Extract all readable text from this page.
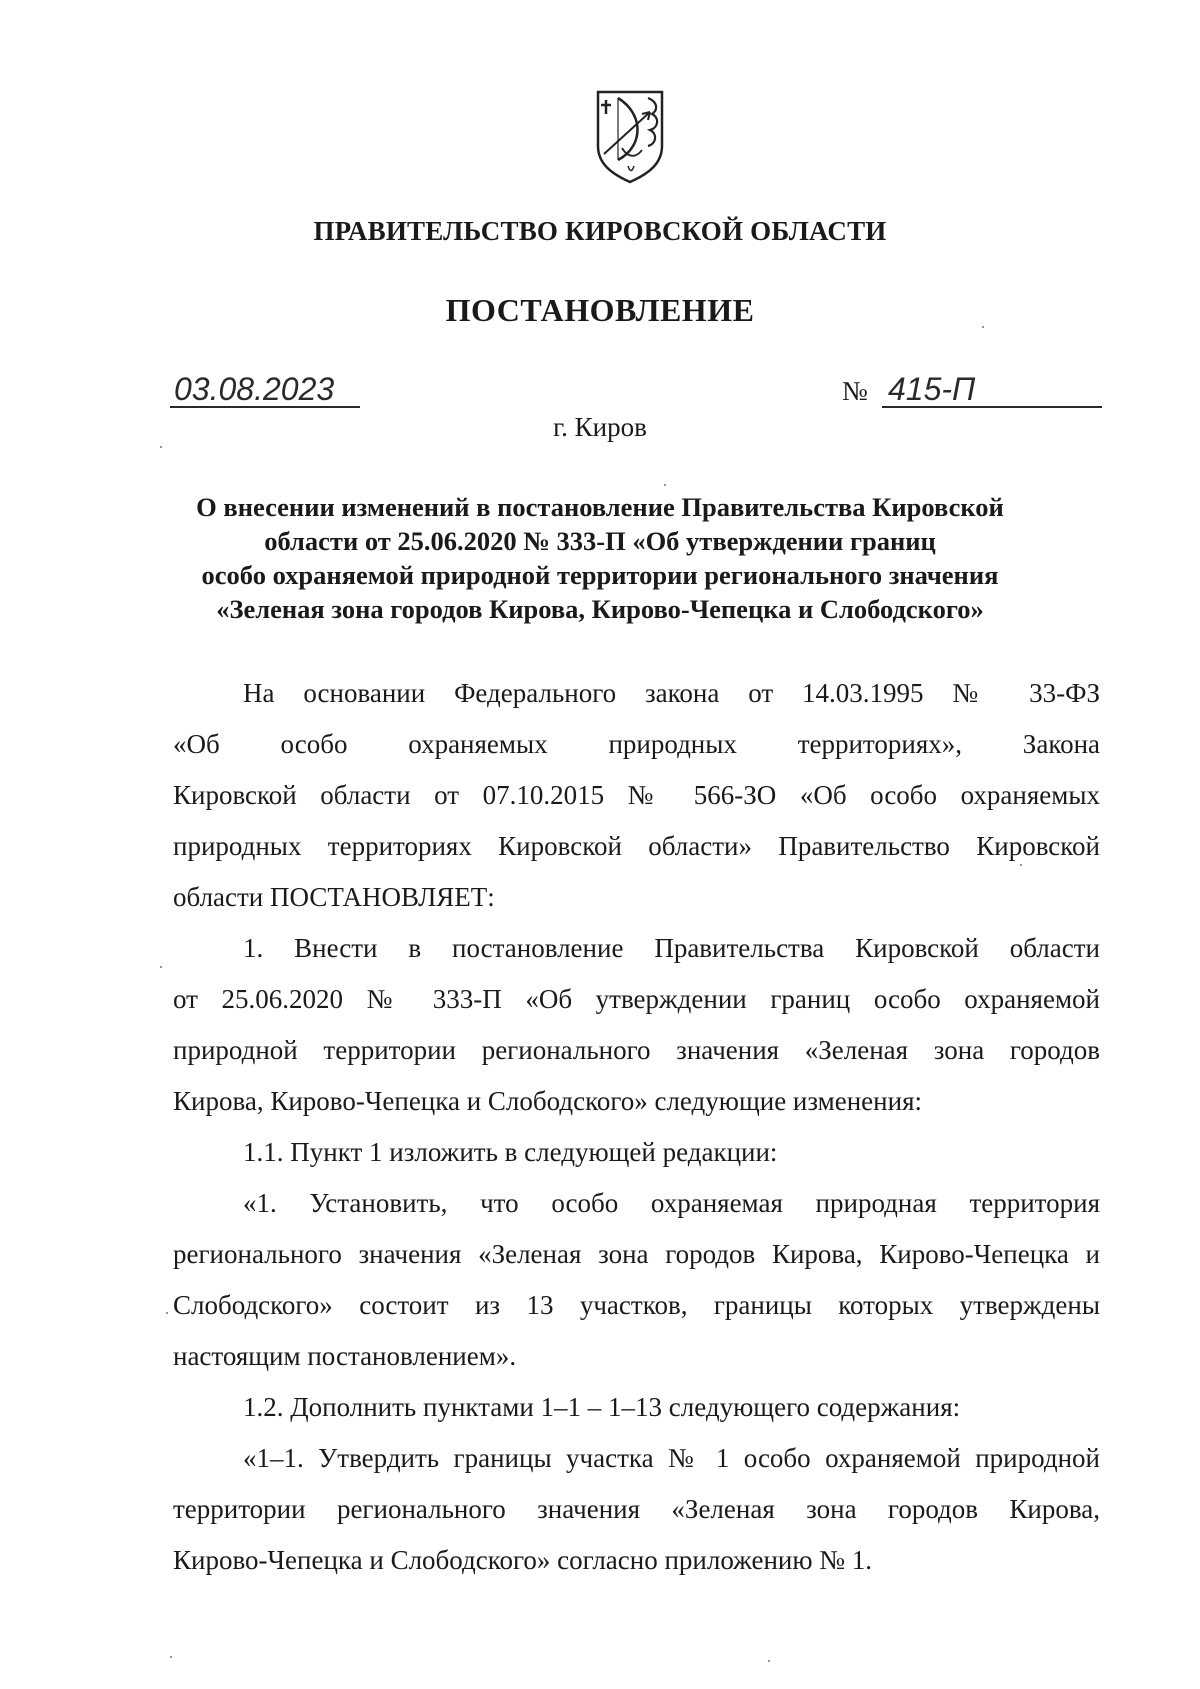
ПРАВИТЕЛЬСТВО КИРОВСКОЙ ОБЛАСТИ
ПОСТАНОВЛЕНИЕ
03.08.2023	№ 415-П
г. Киров
О внесении изменений в постановление Правительства Кировской
области от 25.06.2020 № 333-П «Об утверждении границ
особо охраняемой природной территории регионального значения
«Зеленая зона городов Кирова, Кирово-Чепецка и Слободского»
На основании Федерального закона от 14.03.1995 № 33-ФЗ
«Об особо охраняемых природных территориях», Закона
Кировской области от 07.10.2015 № 566-ЗО «Об особо охраняемых
природных территориях Кировской области» Правительство Кировской
области ПОСТАНОВЛЯЕТ:
1. Внести в постановление Правительства Кировской области
от 25.06.2020 № 333-П «Об утверждении границ особо охраняемой
природной территории регионального значения «Зеленая зона городов
Кирова, Кирово-Чепецка и Слободского» следующие изменения:
1.1. Пункт 1 изложить в следующей редакции:
«1. Установить, что особо охраняемая природная территория
регионального значения «Зеленая зона городов Кирова, Кирово-Чепецка и
Слободского» состоит из 13 участков, границы которых утверждены
настоящим постановлением».
1.2. Дополнить пунктами 1–1 – 1–13 следующего содержания:
«1–1. Утвердить границы участка № 1 особо охраняемой природной
территории регионального значения «Зеленая зона городов Кирова,
Кирово-Чепецка и Слободского» согласно приложению № 1.
